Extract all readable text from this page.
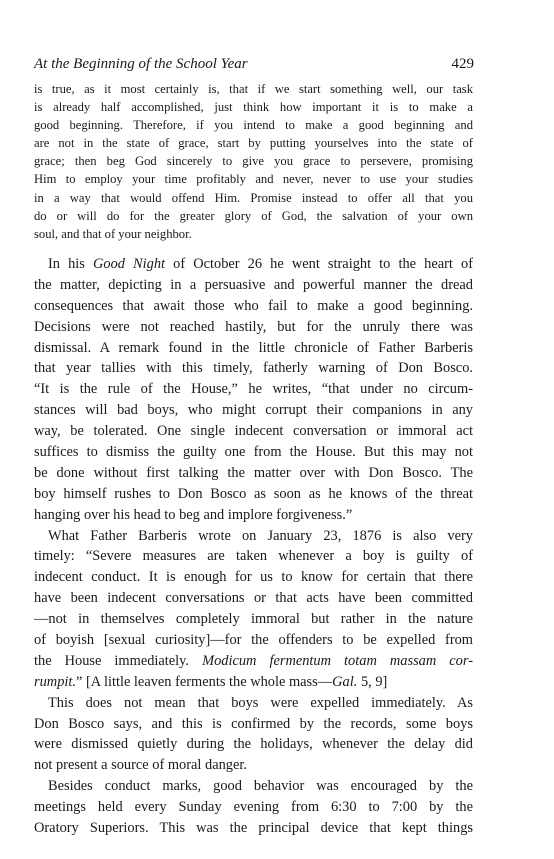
At the Beginning of the School Year	429
is true, as it most certainly is, that if we start something well, our task
is already half accomplished, just think how important it is to make a
good beginning. Therefore, if you intend to make a good beginning and
are not in the state of grace, start by putting yourselves into the state of
grace; then beg God sincerely to give you grace to persevere, promising
Him to employ your time profitably and never, never to use your studies
in a way that would offend Him. Promise instead to offer all that you
do or will do for the greater glory of God, the salvation of your own
soul, and that of your neighbor.
In his Good Night of October 26 he went straight to the heart of
the matter, depicting in a persuasive and powerful manner the dread
consequences that await those who fail to make a good beginning.
Decisions were not reached hastily, but for the unruly there was
dismissal. A remark found in the little chronicle of Father Barberis
that year tallies with this timely, fatherly warning of Don Bosco.
“It is the rule of the House,” he writes, “that under no circum-
stances will bad boys, who might corrupt their companions in any
way, be tolerated. One single indecent conversation or immoral act
suffices to dismiss the guilty one from the House. But this may not
be done without first talking the matter over with Don Bosco. The
boy himself rushes to Don Bosco as soon as he knows of the threat
hanging over his head to beg and implore forgiveness.”
What Father Barberis wrote on January 23, 1876 is also very
timely: “Severe measures are taken whenever a boy is guilty of
indecent conduct. It is enough for us to know for certain that there
have been indecent conversations or that acts have been committed
—not in themselves completely immoral but rather in the nature
of boyish [sexual curiosity]—for the offenders to be expelled from
the House immediately. Modicum fermentum totam massam cor-
rumpit.” [A little leaven ferments the whole mass—Gal. 5, 9]
This does not mean that boys were expelled immediately. As
Don Bosco says, and this is confirmed by the records, some boys
were dismissed quietly during the holidays, whenever the delay did
not present a source of moral danger.
Besides conduct marks, good behavior was encouraged by the
meetings held every Sunday evening from 6:30 to 7:00 by the
Oratory Superiors. This was the principal device that kept things
